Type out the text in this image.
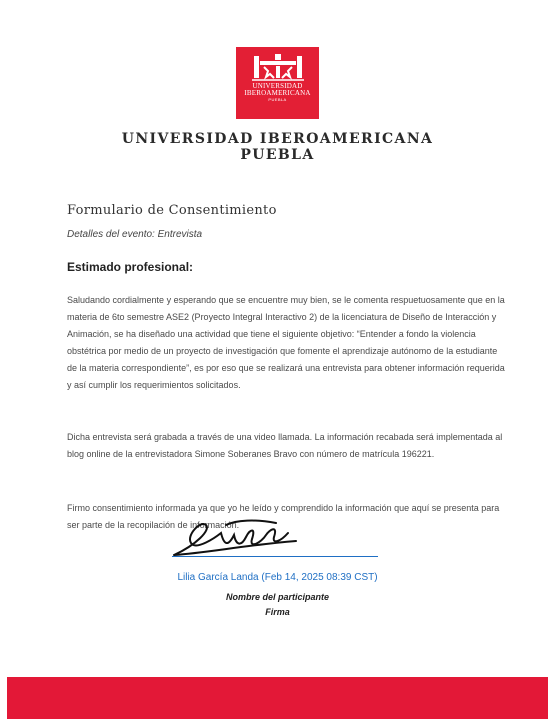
UNIVERSIDAD
IBEROAMERICANA
PUEBLA
UNIVERSIDAD IBEROAMERICANA
PUEBLA
Formulario de Consentimiento
Detalles del evento: Entrevista
Estimado profesional:
Saludando cordialmente y esperando que se encuentre muy bien, se le comenta respuetuosamente que en la materia de 6to semestre ASE2 (Proyecto Integral Interactivo 2) de la licenciatura de Diseño de Interacción y Animación, se ha diseñado una actividad que tiene el siguiente objetivo: “Entender a fondo la violencia obstétrica por medio de un proyecto de investigación que fomente el aprendizaje autónomo de la estudiante de la materia correspondiente”, es por eso que se realizará una entrevista para obtener información requerida y así cumplir los requerimientos solicitados.
Dicha entrevista será grabada a través de una video llamada. La información recabada será implementada al blog online de la entrevistadora Simone Soberanes Bravo con número de matrícula 196221.
Firmo consentimiento informada ya que yo he leído y comprendido la información que aquí se presenta para ser parte de la recopilación de información.
Lilia García Landa (Feb 14, 2025 08:39 CST)
Nombre del participante
Firma
